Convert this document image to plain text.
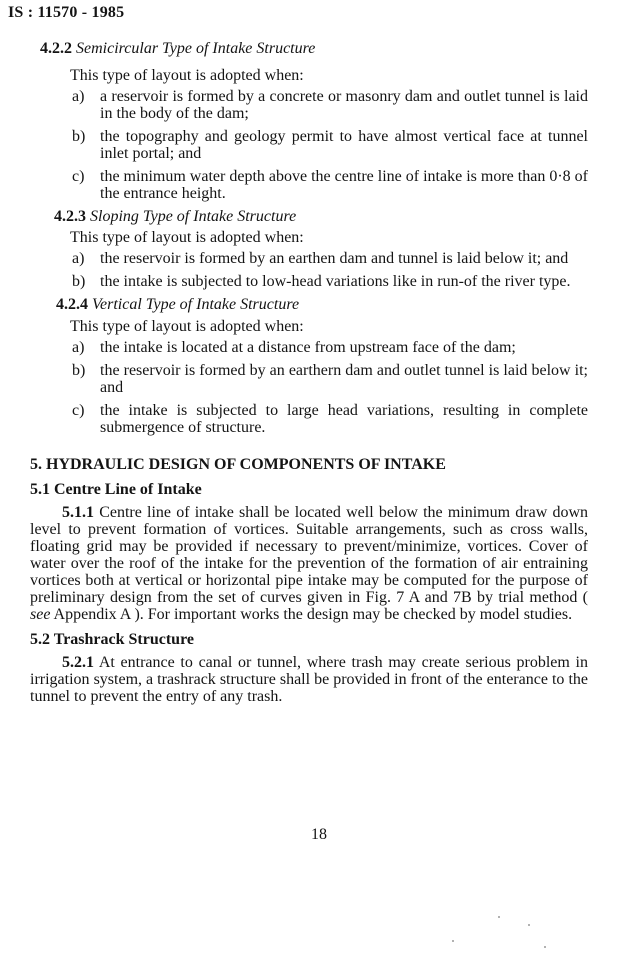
IS : 11570 - 1985

4.2.2 Semicircular Type of Intake Structure

This type of layout is adopted when:

a) a reservoir is formed by a concrete or masonry dam and outlet tunnel is laid in the body of the dam;
b) the topography and geology permit to have almost vertical face at tunnel inlet portal; and
c) the minimum water depth above the centre line of intake is more than 0·8 of the entrance height.

4.2.3 Sloping Type of Intake Structure

This type of layout is adopted when:

a) the reservoir is formed by an earthen dam and tunnel is laid below it; and
b) the intake is subjected to low-head variations like in run-of the river type.

4.2.4 Vertical Type of Intake Structure

This type of layout is adopted when:

a) the intake is located at a distance from upstream face of the dam;
b) the reservoir is formed by an earthern dam and outlet tunnel is laid below it; and
c) the intake is subjected to large head variations, resulting in complete submergence of structure.

5. HYDRAULIC DESIGN OF COMPONENTS OF INTAKE

5.1 Centre Line of Intake

5.1.1 Centre line of intake shall be located well below the minimum draw down level to prevent formation of vortices. Suitable arrangements, such as cross walls, floating grid may be provided if necessary to prevent/minimize, vortices. Cover of water over the roof of the intake for the prevention of the formation of air entraining vortices both at vertical or horizontal pipe intake may be computed for the purpose of preliminary design from the set of curves given in Fig. 7 A and 7B by trial method ( see Appendix A ). For important works the design may be checked by model studies.

5.2 Trashrack Structure

5.2.1 At entrance to canal or tunnel, where trash may create serious problem in irrigation system, a trashrack structure shall be provided in front of the enterance to the tunnel to prevent the entry of any trash.

18
